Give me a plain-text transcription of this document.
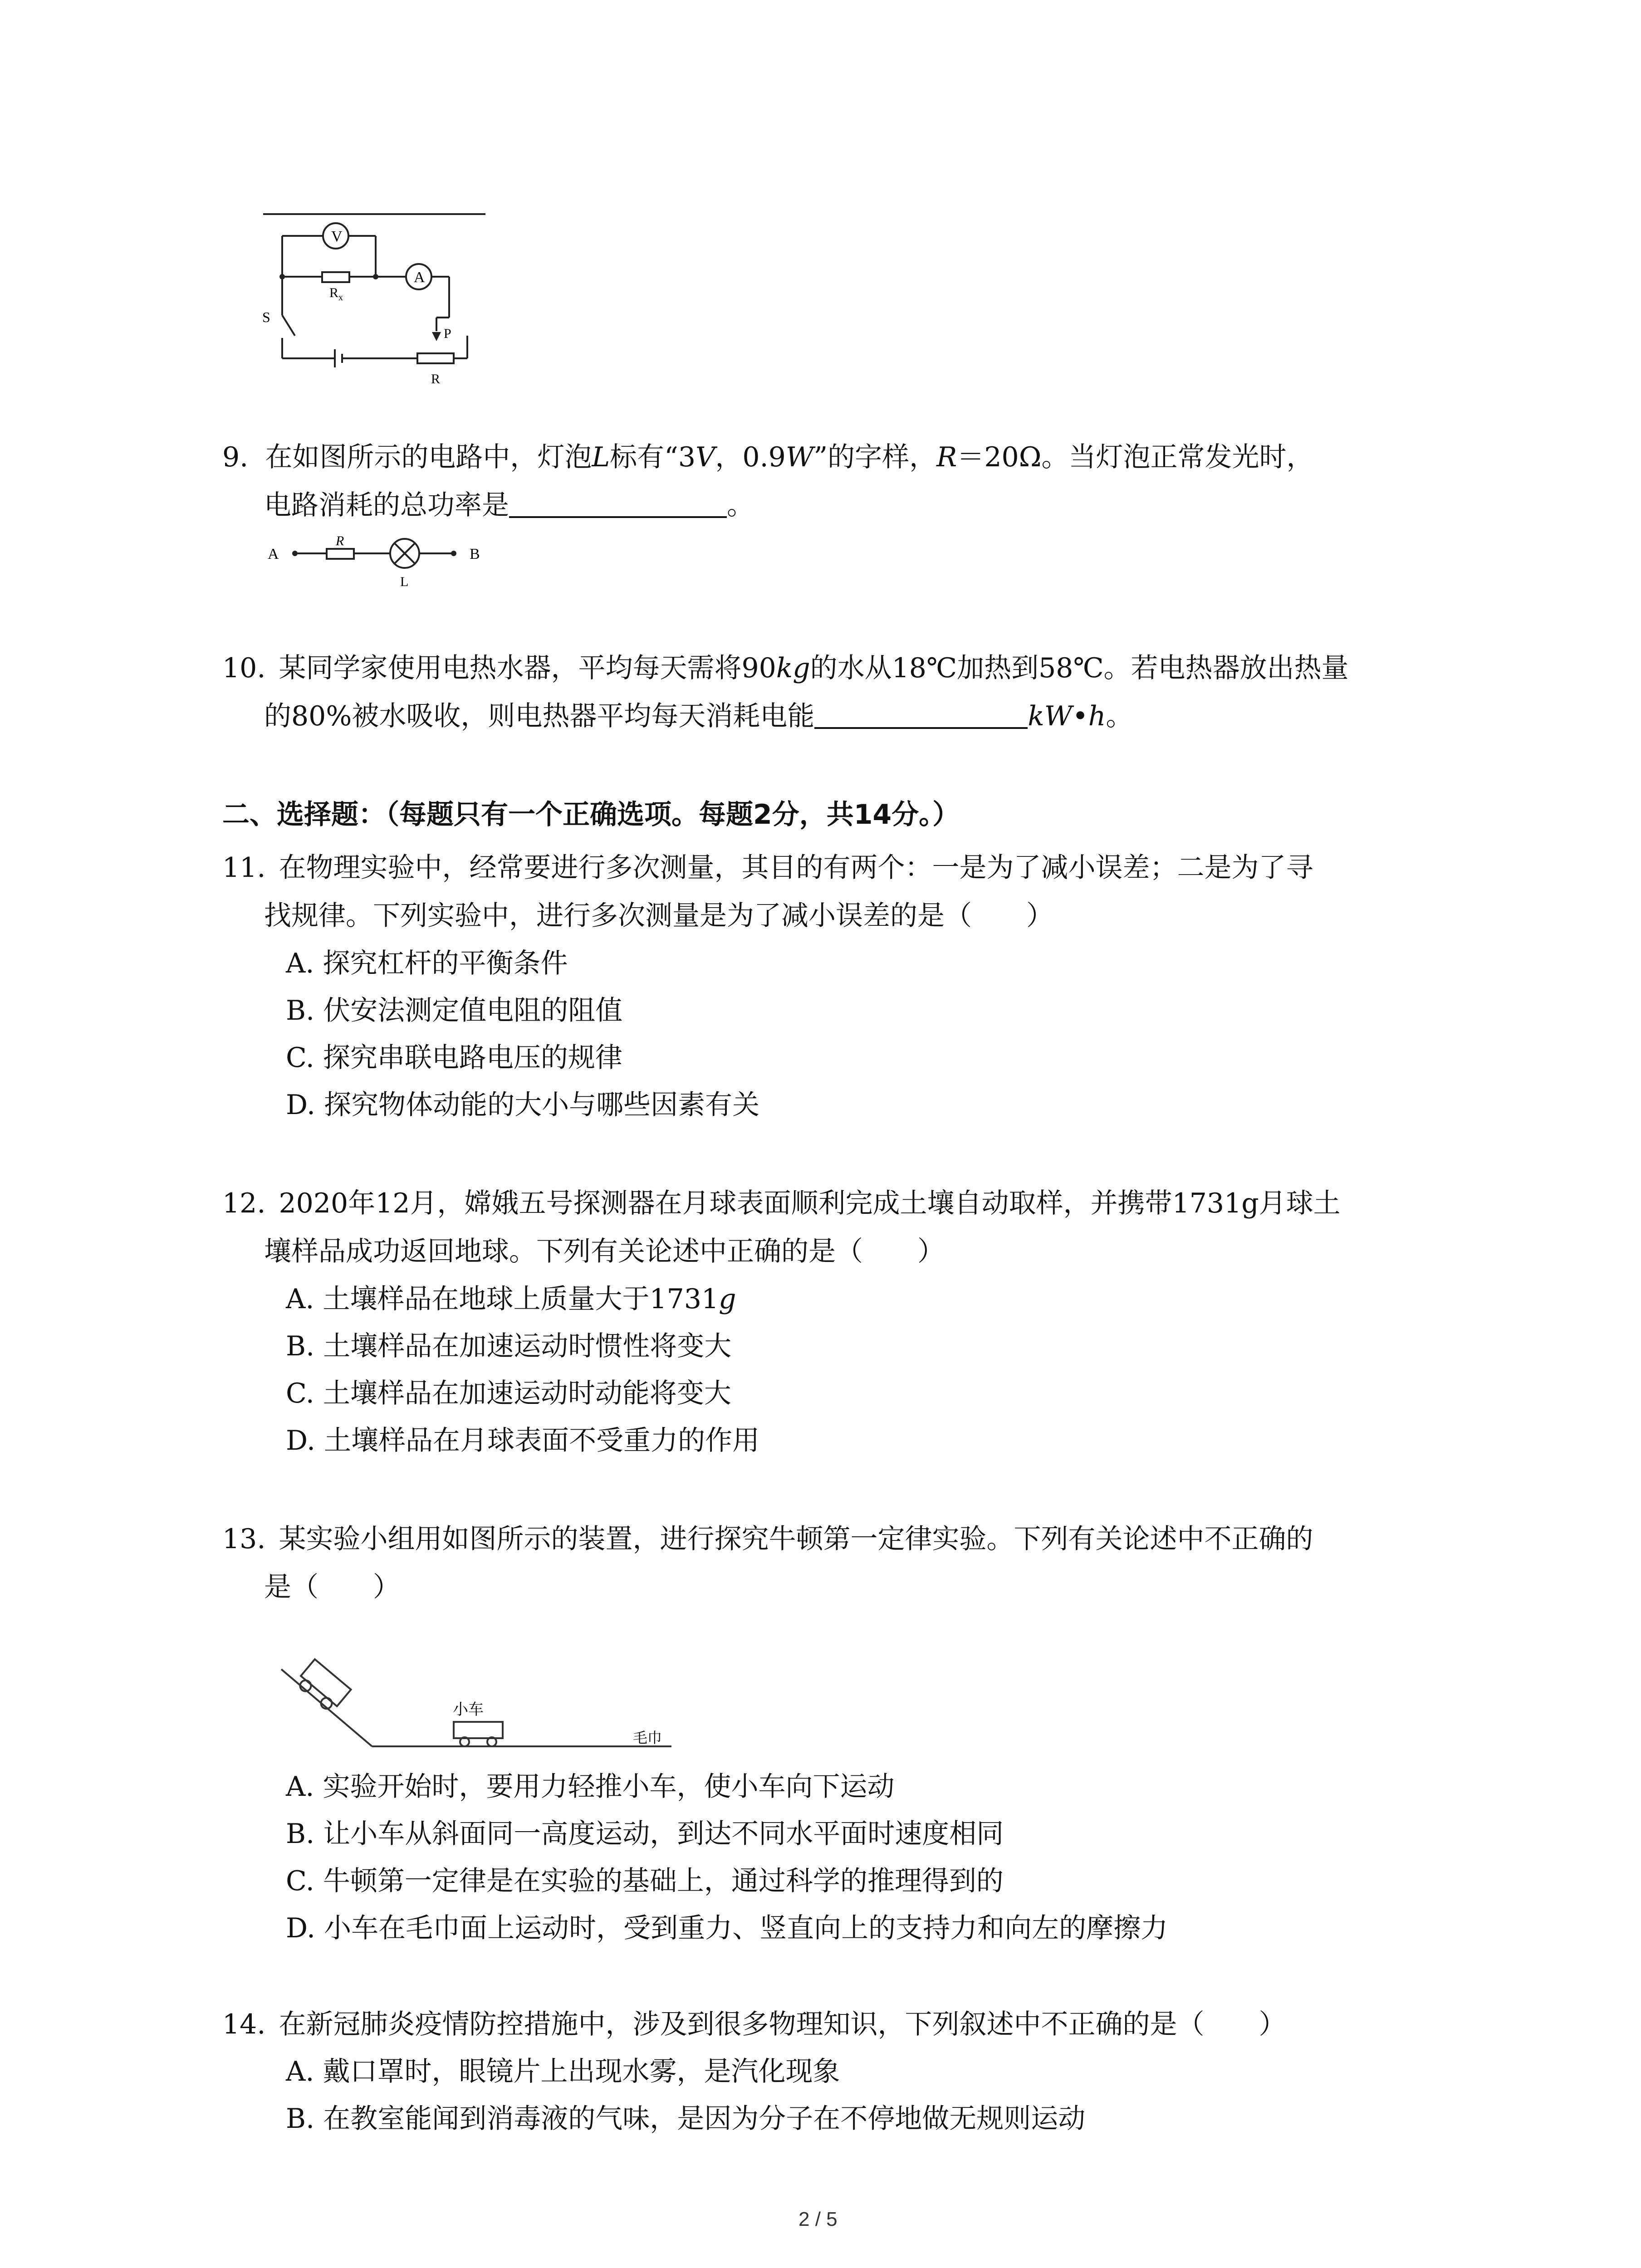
V
A
R x
S
P
R
9. 在如图所示的电路中，灯泡L标有“3V，0.9W”的字样，R＝20Ω。当灯泡正常发光时，
电路消耗的总功率是	。
A	B
R
L
10. 某同学家使用电热水器，平均每天需将90kg的水从18℃加热到58℃。若电热器放出热量
的80%被水吸收，则电热器平均每天消耗电能	kW•h。
二、选择题：（每题只有一个正确选项。每题2分，共14分。）
11. 在物理实验中，经常要进行多次测量，其目的有两个：一是为了减小误差；二是为了寻
找规律。下列实验中，进行多次测量是为了减小误差的是（　　）
A. 探究杠杆的平衡条件
B. 伏安法测定值电阻的阻值
C. 探究串联电路电压的规律
D. 探究物体动能的大小与哪些因素有关
12. 2020年12月，嫦娥五号探测器在月球表面顺利完成土壤自动取样，并携带1731g月球土
壤样品成功返回地球。下列有关论述中正确的是（　　）
A. 土壤样品在地球上质量大于1731g
B. 土壤样品在加速运动时惯性将变大
C. 土壤样品在加速运动时动能将变大
D. 土壤样品在月球表面不受重力的作用
13. 某实验小组用如图所示的装置，进行探究牛顿第一定律实验。下列有关论述中不正确的
是（　　）
小车
毛巾
A. 实验开始时，要用力轻推小车，使小车向下运动
B. 让小车从斜面同一高度运动，到达不同水平面时速度相同
C. 牛顿第一定律是在实验的基础上，通过科学的推理得到的
D. 小车在毛巾面上运动时，受到重力、竖直向上的支持力和向左的摩擦力
14. 在新冠肺炎疫情防控措施中，涉及到很多物理知识，下列叙述中不正确的是（　　）
A. 戴口罩时，眼镜片上出现水雾，是汽化现象
B. 在教室能闻到消毒液的气味，是因为分子在不停地做无规则运动
2 / 5
